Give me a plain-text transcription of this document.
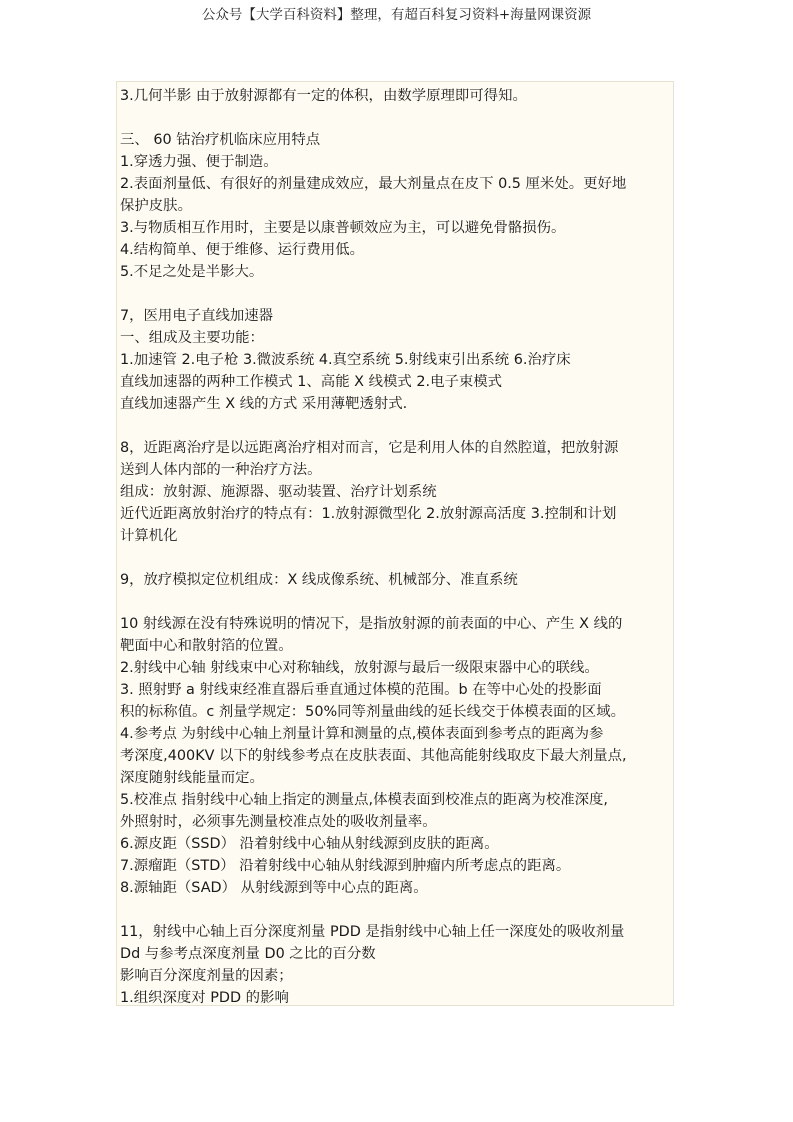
公众号【大学百科资料】整理，有超百科复习资料+海量网课资源
3.几何半影 由于放射源都有一定的体积，由数学原理即可得知。
三、 60 钴治疗机临床应用特点
1.穿透力强、便于制造。
2.表面剂量低、有很好的剂量建成效应，最大剂量点在皮下 0.5 厘米处。更好地
保护皮肤。
3.与物质相互作用时，主要是以康普顿效应为主，可以避免骨骼损伤。
4.结构简单、便于维修、运行费用低。
5.不足之处是半影大。
7，医用电子直线加速器
一、组成及主要功能：
1.加速管 2.电子枪 3.微波系统 4.真空系统 5.射线束引出系统 6.治疗床
直线加速器的两种工作模式 1、高能 X 线模式 2.电子束模式
直线加速器产生 X 线的方式 采用薄靶透射式.
8，近距离治疗是以远距离治疗相对而言，它是利用人体的自然腔道，把放射源
送到人体内部的一种治疗方法。
组成：放射源、施源器、驱动装置、治疗计划系统
近代近距离放射治疗的特点有：1.放射源微型化 2.放射源高活度 3.控制和计划
计算机化
9，放疗模拟定位机组成：X 线成像系统、机械部分、准直系统
10 射线源在没有特殊说明的情况下，是指放射源的前表面的中心、产生 X 线的
靶面中心和散射箔的位置。
2.射线中心轴 射线束中心对称轴线，放射源与最后一级限束器中心的联线。
3. 照射野 a 射线束经准直器后垂直通过体模的范围。b 在等中心处的投影面
积的标称值。c 剂量学规定：50%同等剂量曲线的延长线交于体模表面的区域。
4.参考点 为射线中心轴上剂量计算和测量的点,模体表面到参考点的距离为参
考深度,400KV 以下的射线参考点在皮肤表面、其他高能射线取皮下最大剂量点,
深度随射线能量而定。
5.校准点 指射线中心轴上指定的测量点,体模表面到校准点的距离为校准深度,
外照射时，必须事先测量校准点处的吸收剂量率。
6.源皮距（SSD） 沿着射线中心轴从射线源到皮肤的距离。
7.源瘤距（STD） 沿着射线中心轴从射线源到肿瘤内所考虑点的距离。
8.源轴距（SAD） 从射线源到等中心点的距离。
11，射线中心轴上百分深度剂量 PDD 是指射线中心轴上任一深度处的吸收剂量
Dd 与参考点深度剂量 D0 之比的百分数
影响百分深度剂量的因素；
1.组织深度对 PDD 的影响
